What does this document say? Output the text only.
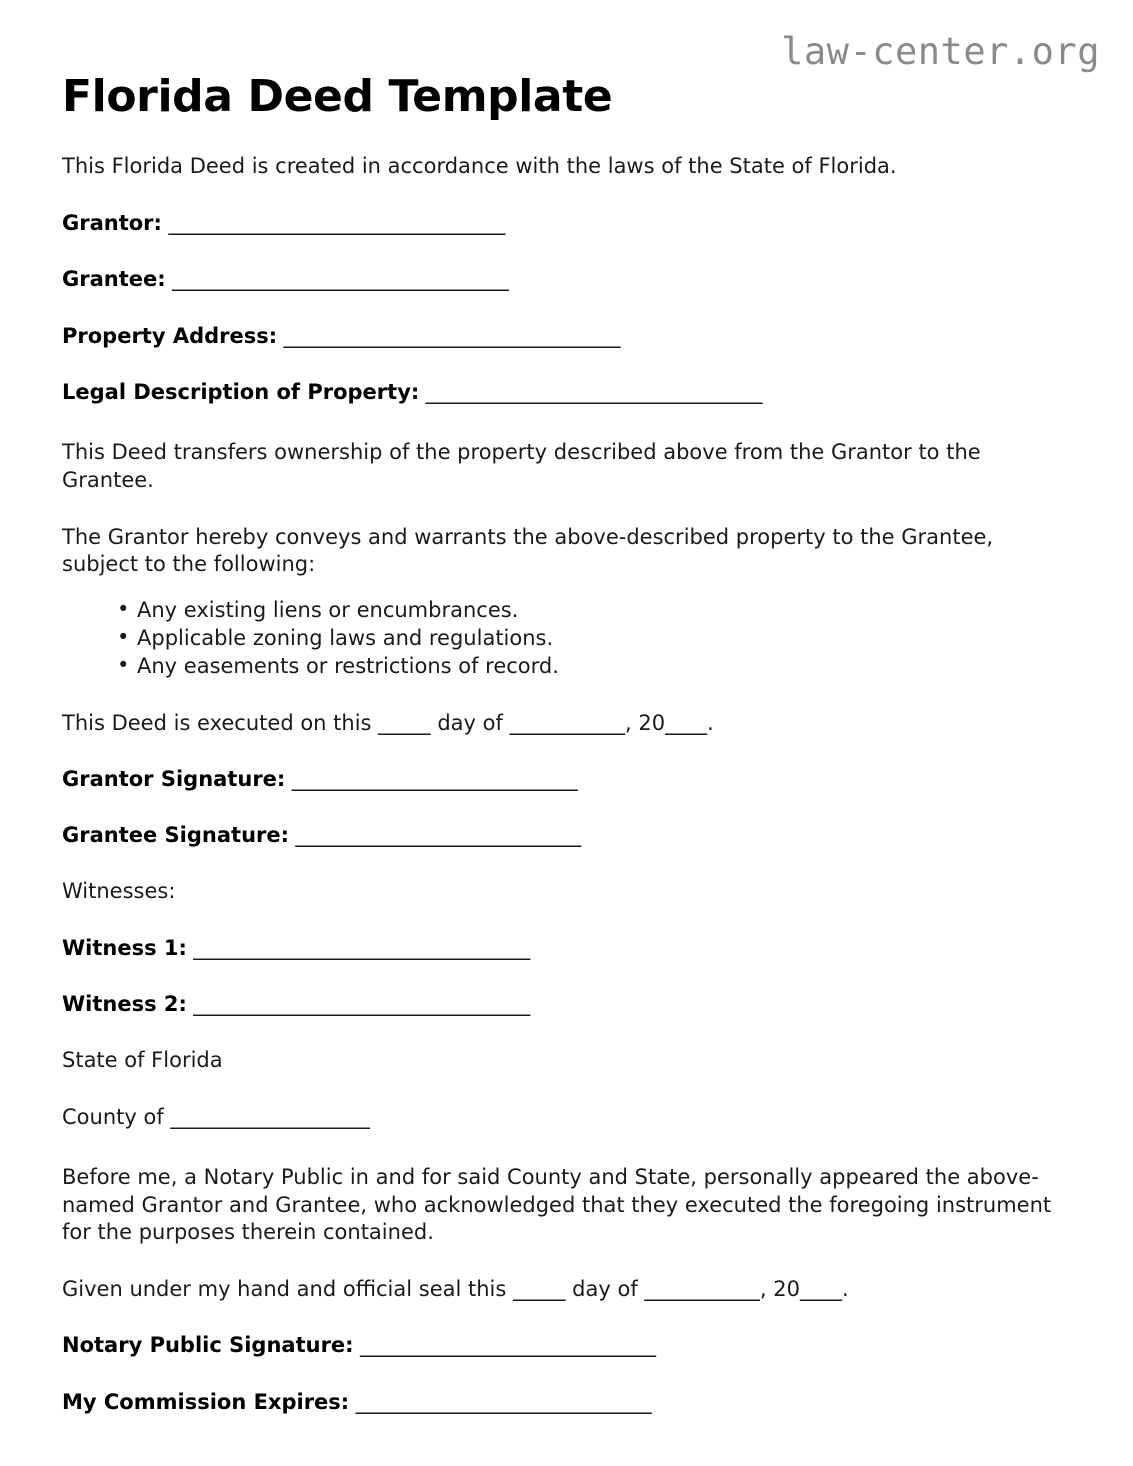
law-center.org
Florida Deed Template

This Florida Deed is created in accordance with the laws of the State of Florida.

Grantor: _________________________________
Grantee: _________________________________
Property Address: _________________________________
Legal Description of Property: _________________________________

This Deed transfers ownership of the property described above from the Grantor to the Grantee.

The Grantor hereby conveys and warrants the above-described property to the Grantee, subject to the following:

• Any existing liens or encumbrances.
• Applicable zoning laws and regulations.
• Any easements or restrictions of record.
This Deed is executed on this _____ day of ___________, 20____.
Grantor Signature: ____________________________
Grantee Signature: ____________________________
Witnesses:
Witness 1: _________________________________
Witness 2: _________________________________
State of Florida
County of ___________________

Before me, a Notary Public in and for said County and State, personally appeared the above-named Grantor and Grantee, who acknowledged that they executed the foregoing instrument for the purposes therein contained.

Given under my hand and official seal this _____ day of ___________, 20____.
Notary Public Signature: _____________________________
My Commission Expires: _____________________________
